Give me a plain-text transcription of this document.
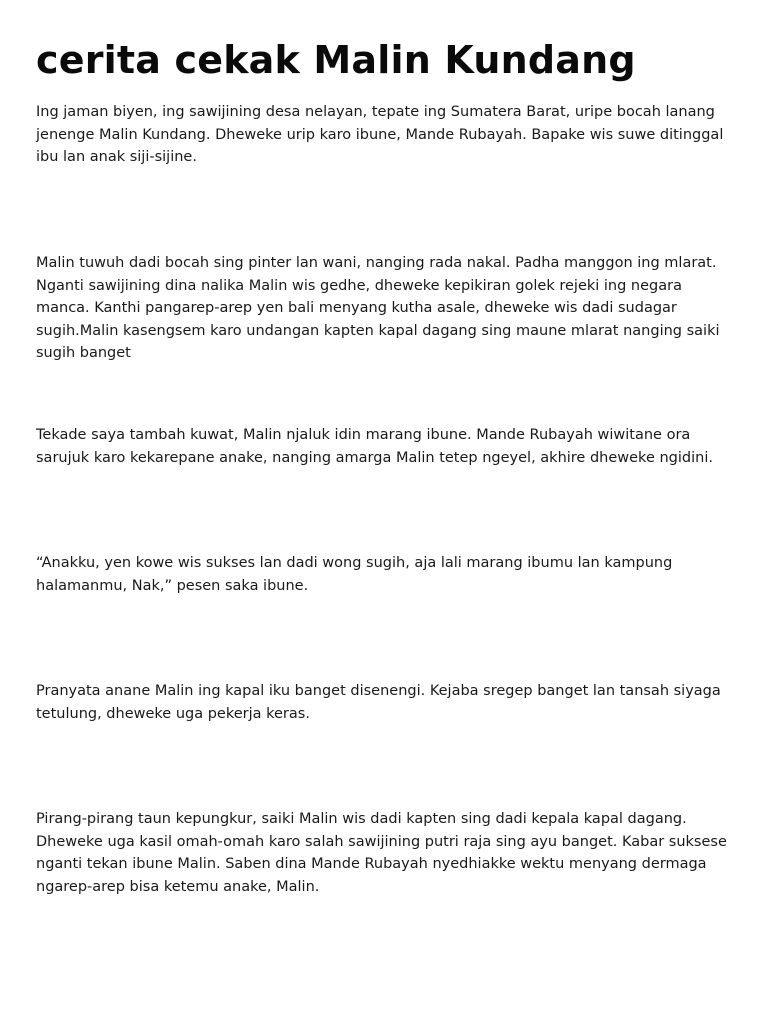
cerita cekak Malin Kundang

Ing jaman biyen, ing sawijining desa nelayan, tepate ing Sumatera Barat, uripe bocah lanang jenenge Malin Kundang. Dheweke urip karo ibune, Mande Rubayah. Bapake wis suwe ditinggal ibu lan anak siji-sijine.

Malin tuwuh dadi bocah sing pinter lan wani, nanging rada nakal. Padha manggon ing mlarat. Nganti sawijining dina nalika Malin wis gedhe, dheweke kepikiran golek rejeki ing negara manca. Kanthi pangarep-arep yen bali menyang kutha asale, dheweke wis dadi sudagar sugih.Malin kasengsem karo undangan kapten kapal dagang sing maune mlarat nanging saiki sugih banget

Tekade saya tambah kuwat, Malin njaluk idin marang ibune. Mande Rubayah wiwitane ora sarujuk karo kekarepane anake, nanging amarga Malin tetep ngeyel, akhire dheweke ngidini.

“Anakku, yen kowe wis sukses lan dadi wong sugih, aja lali marang ibumu lan kampung halamanmu, Nak,” pesen saka ibune.

Pranyata anane Malin ing kapal iku banget disenengi. Kejaba sregep banget lan tansah siyaga tetulung, dheweke uga pekerja keras.

Pirang-pirang taun kepungkur, saiki Malin wis dadi kapten sing dadi kepala kapal dagang. Dheweke uga kasil omah-omah karo salah sawijining putri raja sing ayu banget. Kabar suksese nganti tekan ibune Malin. Saben dina Mande Rubayah nyedhiakke wektu menyang dermaga ngarep-arep bisa ketemu anake, Malin.
